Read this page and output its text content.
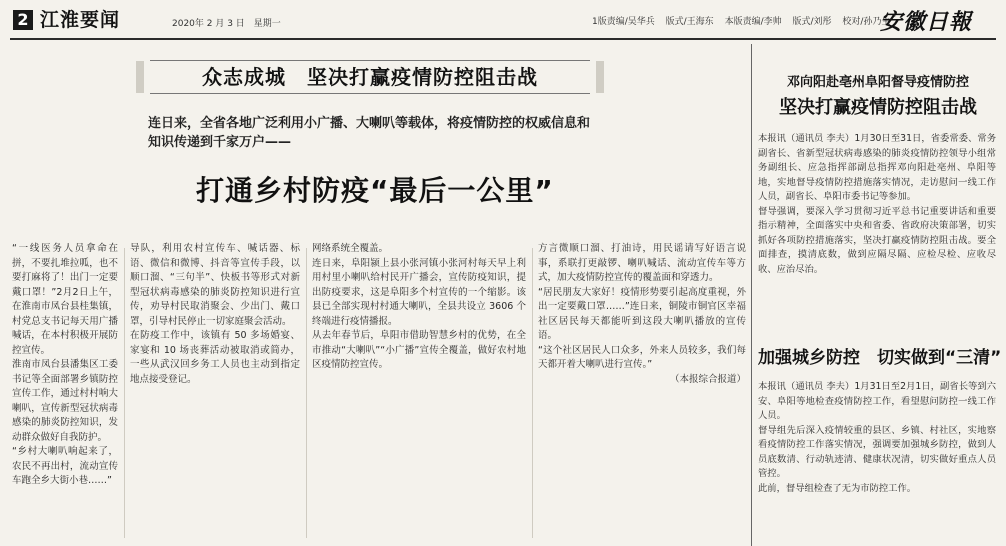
2 江淮要闻	2020年 2 月 3 日　星期一	1版责编/吴华兵 版式/王海东 本版责编/李帅 版式/刘彤 校对/孙乃生
安徽日報
众志成城　坚决打赢疫情防控阻击战
连日来，全省各地广泛利用小广播、大喇叭等载体，将疫情防控的权威信息和
知识传递到千家万户——
打通乡村防疫“最后一公里”

“一线医务人员拿命在拼，不要扎堆拉呱，也不要打麻将了！出门一定要戴口罩！”2月2日上午，在淮南市凤台县桂集镇，村党总支书记每天用广播喊话，在本村积极开展防控宣传。

淮南市凤台县潘集区工委书记等全面部署乡镇防控宣传工作，通过村村响大喇叭，宣传新型冠状病毒感染的肺炎防控知识，发动群众做好自我防护。

“乡村大喇叭响起来了，农民不再出村，流动宣传车跑全乡大街小巷……”

导队，利用农村宣传车、喊话器、标语、微信和微博、抖音等宣传手段，以顺口溜、“三句半”、快板书等形式对新型冠状病毒感染的肺炎防控知识进行宣传，劝导村民取消聚会、少出门、戴口罩，引导村民停止一切家庭聚会活动。

在防疫工作中，该镇有 50 多场婚宴、家宴和 10 场丧葬活动被取消或简办，一些从武汉回乡务工人员也主动到指定地点接受登记。

网络系统全覆盖。

连日来，阜阳颍上县小张河镇小张河村每天早上利用村里小喇叭给村民开广播会，宣传防疫知识，提出防疫要求，这是阜阳多个村宣传的一个缩影。该县已全部实现村村通大喇叭，全县共设立 3606 个终端进行疫情播报。

从去年春节后，阜阳市借助智慧乡村的优势，在全市推动“大喇叭”“小广播”宣传全覆盖，做好农村地区疫情防控宣传。

方言微顺口溜、打油诗，用民谣请写好语言说事，系联打更敲锣、喇叭喊话、流动宣传车等方式，加大疫情防控宣传的覆盖面和穿透力。

“居民朋友大家好！疫情形势要引起高度重视，外出一定要戴口罩……”连日来，铜陵市铜官区幸福社区居民每天都能听到这段大喇叭播放的宣传语。

“这个社区居民人口众多，外来人员较多，我们每天都开着大喇叭进行宣传。”

（本报综合报道）

邓向阳赴亳州阜阳督导疫情防控
坚决打赢疫情防控阻击战

本报讯（通讯员 李夫）1月30日至31日，省委常委、常务副省长、省新型冠状病毒感染的肺炎疫情防控领导小组常务副组长、应急指挥部副总指挥邓向阳赴亳州、阜阳等地，实地督导疫情防控措施落实情况，走访慰问一线工作人员，副省长、阜阳市委书记等参加。

督导强调，要深入学习贯彻习近平总书记重要讲话和重要指示精神，全面落实中央和省委、省政府决策部署，切实抓好各项防控措施落实，坚决打赢疫情防控阻击战。要全面排查，摸清底数，做到应隔尽隔、应检尽检、应收尽收、应治尽治。

加强城乡防控　切实做到“三清”

本报讯（通讯员 李夫）1月31日至2月1日，副省长等到六安、阜阳等地检查疫情防控工作，看望慰问防控一线工作人员。

督导组先后深入疫情较重的县区、乡镇、村社区，实地察看疫情防控工作落实情况，强调要加强城乡防控，做到人员底数清、行动轨迹清、健康状况清，切实做好重点人员管控。

此前，督导组检查了无为市防控工作。
